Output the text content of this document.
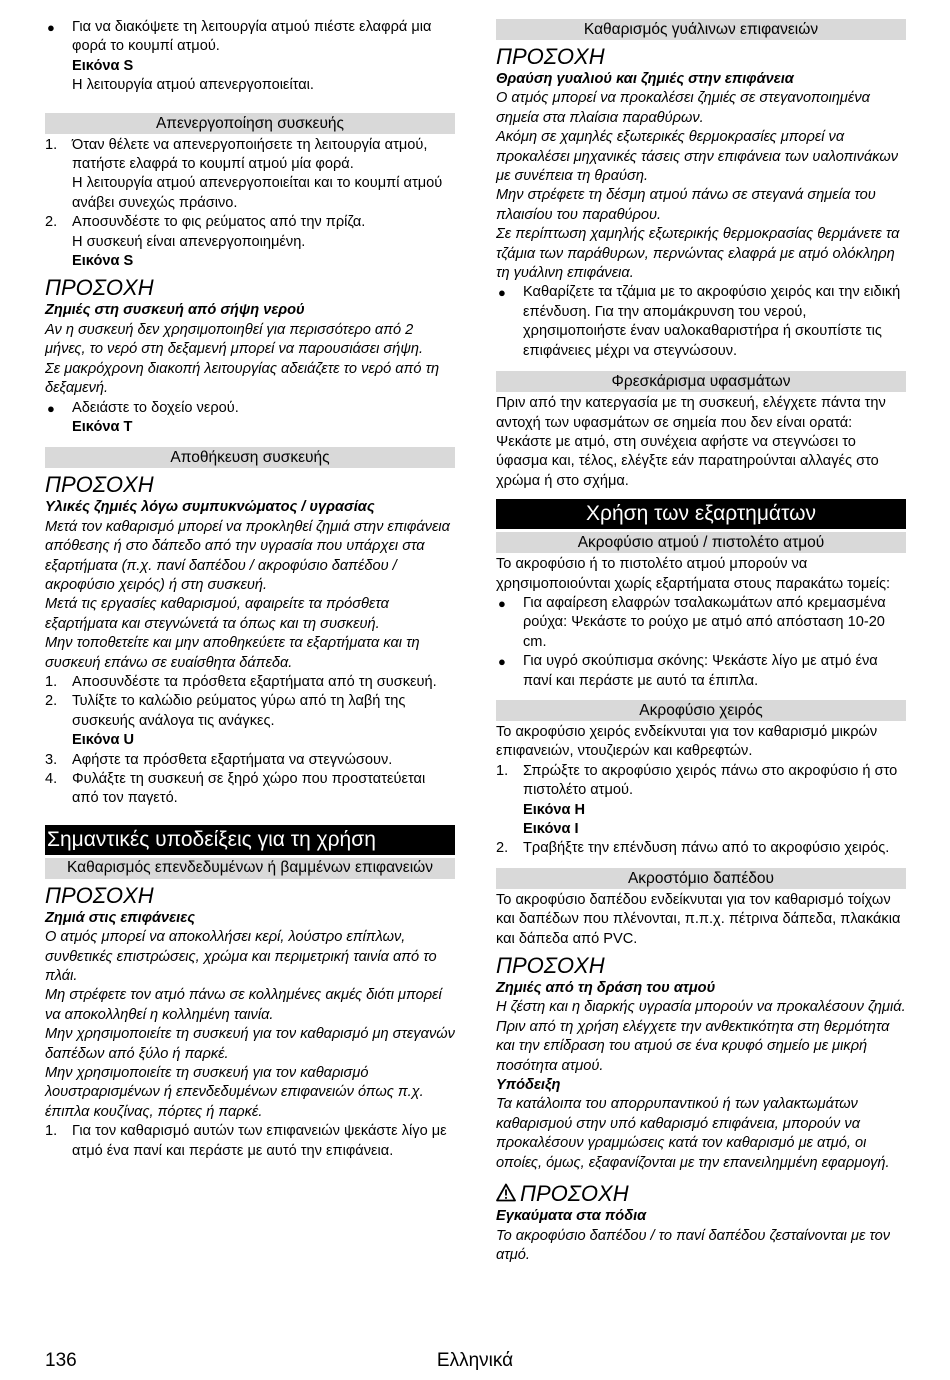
● Για να διακόψετε τη λειτουργία ατμού πιέστε ελαφρά μια φορά το κουμπί ατμού.
Εικόνα S
Η λειτουργία ατμού απενεργοποιείται.
Απενεργοποίηση συσκευής
1. Όταν θέλετε να απενεργοποιήσετε τη λειτουργία ατμού, πατήστε ελαφρά το κουμπί ατμού μία φορά.
Η λειτουργία ατμού απενεργοποιείται και το κουμπί ατμού ανάβει συνεχώς πράσινο.
2. Αποσυνδέστε το φις ρεύματος από την πρίζα.
Η συσκευή είναι απενεργοποιημένη.
Εικόνα S
ΠΡΟΣΟΧΗ
Ζημιές στη συσκευή από σήψη νερού
Αν η συσκευή δεν χρησιμοποιηθεί για περισσότερο από 2 μήνες, το νερό στη δεξαμενή μπορεί να παρουσιάσει σήψη.
Σε μακρόχρονη διακοπή λειτουργίας αδειάζετε το νερό από τη δεξαμενή.
● Αδειάστε το δοχείο νερού.
Εικόνα T
Αποθήκευση συσκευής
ΠΡΟΣΟΧΗ
Υλικές ζημιές λόγω συμπυκνώματος / υγρασίας
Μετά τον καθαρισμό μπορεί να προκληθεί ζημιά στην επιφάνεια απόθεσης ή στο δάπεδο από την υγρασία που υπάρχει στα εξαρτήματα (π.χ. πανί δαπέδου / ακροφύσιο δαπέδου / ακροφύσιο χειρός) ή στη συσκευή.
Μετά τις εργασίες καθαρισμού, αφαιρείτε τα πρόσθετα εξαρτήματα και στεγνώνετά τα όπως και τη συσκευή.
Μην τοποθετείτε και μην αποθηκεύετε τα εξαρτήματα και τη συσκευή επάνω σε ευαίσθητα δάπεδα.
1. Αποσυνδέστε τα πρόσθετα εξαρτήματα από τη συσκευή.
2. Τυλίξτε το καλώδιο ρεύματος γύρω από τη λαβή της συσκευής ανάλογα τις ανάγκες.
Εικόνα U
3. Αφήστε τα πρόσθετα εξαρτήματα να στεγνώσουν.
4. Φυλάξτε τη συσκευή σε ξηρό χώρο που προστατεύεται από τον παγετό.
Σημαντικές υποδείξεις για τη χρήση
Καθαρισμός επενδεδυμένων ή βαμμένων επιφανειών
ΠΡΟΣΟΧΗ
Ζημιά στις επιφάνειες
Ο ατμός μπορεί να αποκολλήσει κερί, λούστρο επίπλων, συνθετικές επιστρώσεις, χρώμα και περιμετρική ταινία από το πλάι.
Μη στρέφετε τον ατμό πάνω σε κολλημένες ακμές διότι μπορεί να αποκολληθεί η κολλημένη ταινία.
Μην χρησιμοποιείτε τη συσκευή για τον καθαρισμό μη στεγανών δαπέδων από ξύλο ή παρκέ.
Μην χρησιμοποιείτε τη συσκευή για τον καθαρισμό λουστραρισμένων ή επενδεδυμένων επιφανειών όπως π.χ. έπιπλα κουζίνας, πόρτες ή παρκέ.
1. Για τον καθαρισμό αυτών των επιφανειών ψεκάστε λίγο με ατμό ένα πανί και περάστε με αυτό την επιφάνεια.
Καθαρισμός γυάλινων επιφανειών
ΠΡΟΣΟΧΗ
Θραύση γυαλιού και ζημιές στην επιφάνεια
Ο ατμός μπορεί να προκαλέσει ζημιές σε στεγανοποιημένα σημεία στα πλαίσια παραθύρων.
Ακόμη σε χαμηλές εξωτερικές θερμοκρασίες μπορεί να προκαλέσει μηχανικές τάσεις στην επιφάνεια των υαλοπινάκων με συνέπεια τη θραύση.
Μην στρέφετε τη δέσμη ατμού πάνω σε στεγανά σημεία του πλαισίου του παραθύρου.
Σε περίπτωση χαμηλής εξωτερικής θερμοκρασίας θερμάνετε τα τζάμια των παράθυρων, περνώντας ελαφρά με ατμό ολόκληρη τη γυάλινη επιφάνεια.
● Καθαρίζετε τα τζάμια με το ακροφύσιο χειρός και την ειδική επένδυση. Για την απομάκρυνση του νερού, χρησιμοποιήστε έναν υαλοκαθαριστήρα ή σκουπίστε τις επιφάνειες μέχρι να στεγνώσουν.
Φρεσκάρισμα υφασμάτων
Πριν από την κατεργασία με τη συσκευή, ελέγχετε πάντα την αντοχή των υφασμάτων σε σημεία που δεν είναι ορατά: Ψεκάστε με ατμό, στη συνέχεια αφήστε να στεγνώσει το ύφασμα και, τέλος, ελέγξτε εάν παρατηρούνται αλλαγές στο χρώμα ή στο σχήμα.
Χρήση των εξαρτημάτων
Ακροφύσιο ατμού / πιστολέτο ατμού
Το ακροφύσιο ή το πιστολέτο ατμού μπορούν να χρησιμοποιούνται χωρίς εξαρτήματα στους παρακάτω τομείς:
● Για αφαίρεση ελαφρών τσαλακωμάτων από κρεμασμένα ρούχα: Ψεκάστε το ρούχο με ατμό από απόσταση 10-20 cm.
● Για υγρό σκούπισμα σκόνης: Ψεκάστε λίγο με ατμό ένα πανί και περάστε με αυτό τα έπιπλα.
Ακροφύσιο χειρός
Το ακροφύσιο χειρός ενδείκνυται για τον καθαρισμό μικρών επιφανειών, ντουζιερών και καθρεφτών.
1. Σπρώξτε το ακροφύσιο χειρός πάνω στο ακροφύσιο ή στο πιστολέτο ατμού.
Εικόνα H
Εικόνα I
2. Τραβήξτε την επένδυση πάνω από το ακροφύσιο χειρός.
Ακροστόμιο δαπέδου
Το ακροφύσιο δαπέδου ενδείκνυται για τον καθαρισμό τοίχων και δαπέδων που πλένονται, π.π.χ. πέτρινα δάπεδα, πλακάκια και δάπεδα από PVC.
ΠΡΟΣΟΧΗ
Ζημιές από τη δράση του ατμού
Η ζέστη και η διαρκής υγρασία μπορούν να προκαλέσουν ζημιά.
Πριν από τη χρήση ελέγχετε την ανθεκτικότητα στη θερμότητα και την επίδραση του ατμού σε ένα κρυφό σημείο με μικρή ποσότητα ατμού.
Υπόδειξη
Τα κατάλοιπα του απορρυπαντικού ή των γαλακτωμάτων καθαρισμού στην υπό καθαρισμό επιφάνεια, μπορούν να προκαλέσουν γραμμώσεις κατά τον καθαρισμό με ατμό, οι οποίες, όμως, εξαφανίζονται με την επανειλημμένη εφαρμογή.
ΠΡΟΣΟΧΗ
Εγκαύματα στα πόδια
Το ακροφύσιο δαπέδου / το πανί δαπέδου ζεσταίνονται με τον ατμό.
136	Ελληνικά
